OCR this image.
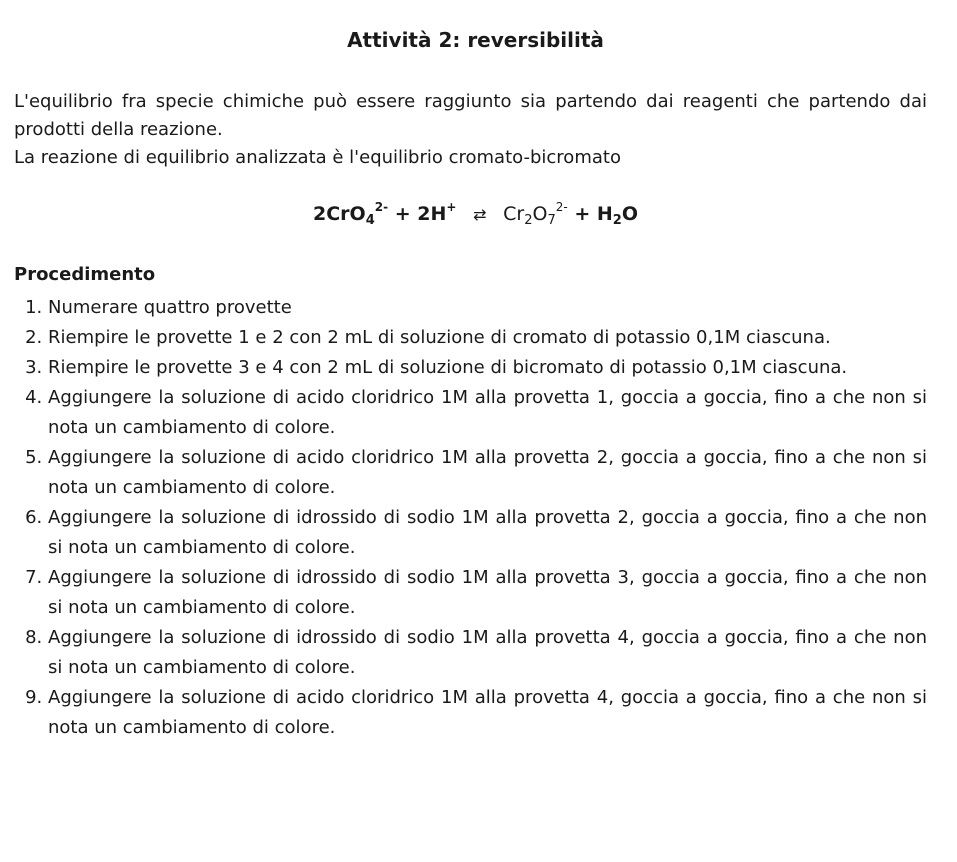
Attività 2: reversibilità

L'equilibrio fra specie chimiche può essere raggiunto sia partendo dai reagenti che partendo dai prodotti della reazione.

La reazione di equilibrio analizzata è l'equilibrio cromato-bicromato

2CrO$_4^{2-}$ + 2H+ ⇄ $Cr_2O_7^{2-} + H_2O$
Procedimento
1. Numerare quattro provette
2. Riempire le provette 1 e 2 con 2 mL di soluzione di cromato di potassio 0,1M ciascuna.
3. Riempire le provette 3 e 4 con 2 mL di soluzione di bicromato di potassio 0,1M ciascuna.
4. Aggiungere la soluzione di acido cloridrico 1M alla provetta 1, goccia a goccia, fino a che non si nota un cambiamento di colore.
5. Aggiungere la soluzione di acido cloridrico 1M alla provetta 2, goccia a goccia, fino a che non si nota un cambiamento di colore.
6. Aggiungere la soluzione di idrossido di sodio 1M alla provetta 2, goccia a goccia, fino a che non si nota un cambiamento di colore.
7. Aggiungere la soluzione di idrossido di sodio 1M alla provetta 3, goccia a goccia, fino a che non si nota un cambiamento di colore.
8. Aggiungere la soluzione di idrossido di sodio 1M alla provetta 4, goccia a goccia, fino a che non si nota un cambiamento di colore.
9. Aggiungere la soluzione di acido cloridrico 1M alla provetta 4, goccia a goccia, fino a che non si nota un cambiamento di colore.
